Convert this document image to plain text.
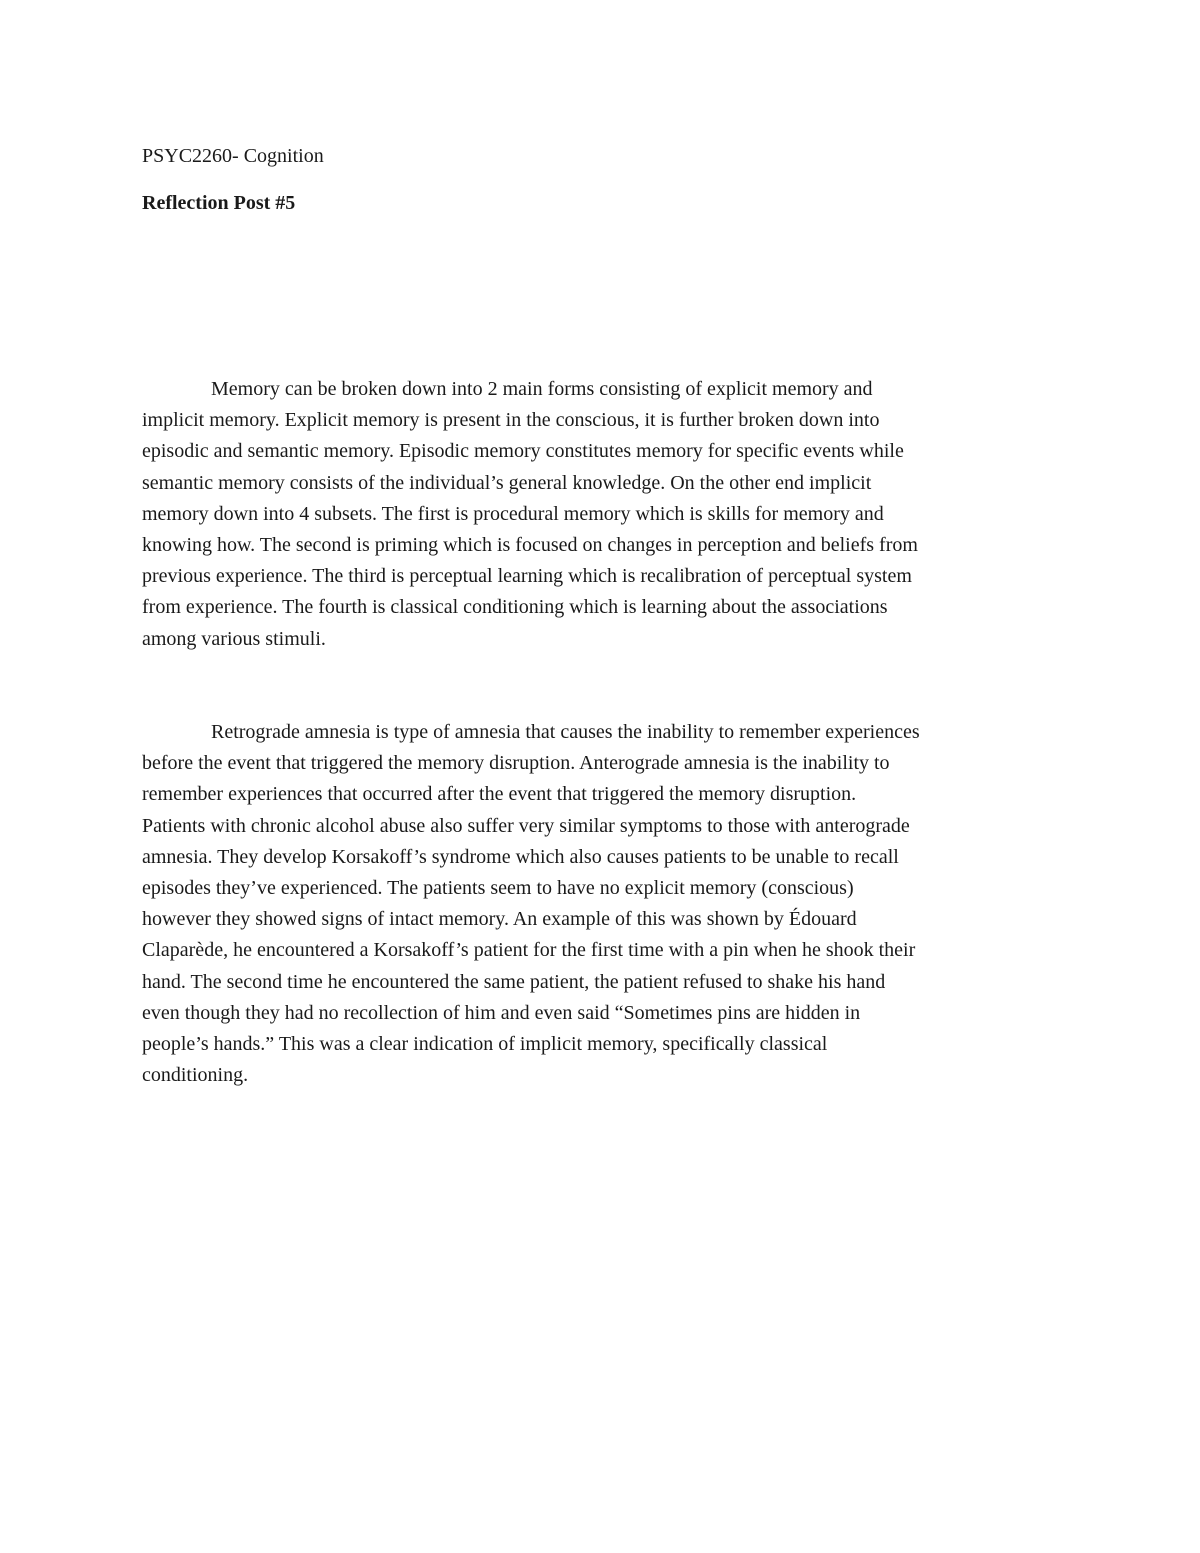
PSYC2260- Cognition

Reflection Post #5

Memory can be broken down into 2 main forms consisting of explicit memory and
implicit memory. Explicit memory is present in the conscious, it is further broken down into
episodic and semantic memory. Episodic memory constitutes memory for specific events while
semantic memory consists of the individual’s general knowledge. On the other end implicit
memory down into 4 subsets. The first is procedural memory which is skills for memory and
knowing how. The second is priming which is focused on changes in perception and beliefs from
previous experience. The third is perceptual learning which is recalibration of perceptual system
from experience. The fourth is classical conditioning which is learning about the associations
among various stimuli.

Retrograde amnesia is type of amnesia that causes the inability to remember experiences
before the event that triggered the memory disruption. Anterograde amnesia is the inability to
remember experiences that occurred after the event that triggered the memory disruption.
Patients with chronic alcohol abuse also suffer very similar symptoms to those with anterograde
amnesia. They develop Korsakoff’s syndrome which also causes patients to be unable to recall
episodes they’ve experienced. The patients seem to have no explicit memory (conscious)
however they showed signs of intact memory. An example of this was shown by Édouard
Claparède, he encountered a Korsakoff’s patient for the first time with a pin when he shook their
hand. The second time he encountered the same patient, the patient refused to shake his hand
even though they had no recollection of him and even said “Sometimes pins are hidden in
people’s hands.” This was a clear indication of implicit memory, specifically classical
conditioning.
